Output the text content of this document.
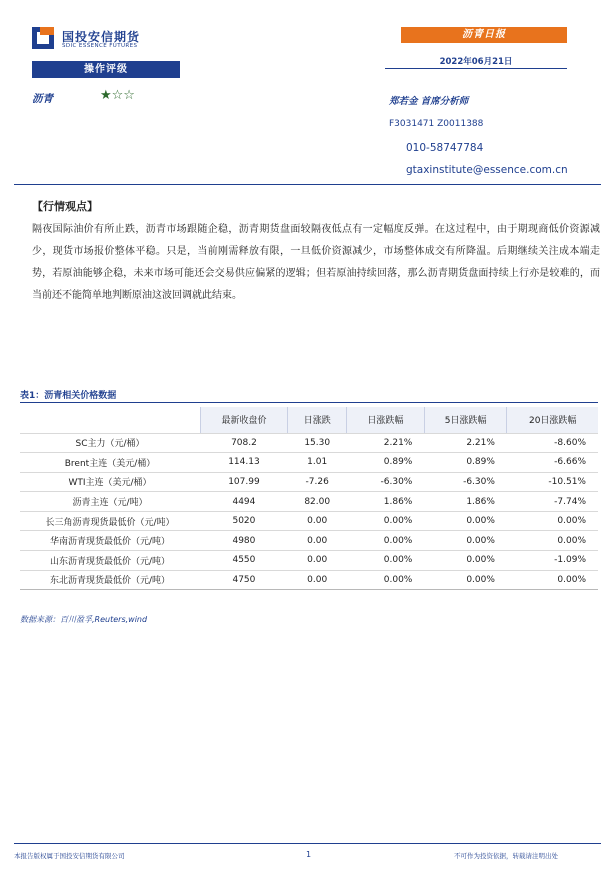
国投安信期货
SDIC ESSENCE FUTURES
操作评级
沥青	★☆☆
沥青日报
2022年06月21日
郑若金 首席分析师
F3031471 Z0011388
010-58747784
gtaxinstitute@essence.com.cn
【行情观点】
隔夜国际油价有所止跌，沥青市场跟随企稳，沥青期货盘面较隔夜低点有一定幅度反弹。在这过程中，由于期现商低价资源减少，现货市场报价整体平稳。只是，当前刚需释放有限，一旦低价资源减少，市场整体成交有所降温。后期继续关注成本端走势，若原油能够企稳，未来市场可能还会交易供应偏紧的逻辑；但若原油持续回落，那么沥青期货盘面持续上行亦是较难的，而当前还不能简单地判断原油这波回调就此结束。
表1：沥青相关价格数据
	最新收盘价	日涨跌	日涨跌幅	5日涨跌幅	20日涨跌幅
SC主力（元/桶）	708.2	15.30	2.21%	2.21%	-8.60%
Brent主连（美元/桶）	114.13	1.01	0.89%	0.89%	-6.66%
WTI主连（美元/桶）	107.99	-7.26	-6.30%	-6.30%	-10.51%
沥青主连（元/吨）	4494	82.00	1.86%	1.86%	-7.74%
长三角沥青现货最低价（元/吨）	5020	0.00	0.00%	0.00%	0.00%
华南沥青现货最低价（元/吨）	4980	0.00	0.00%	0.00%	0.00%
山东沥青现货最低价（元/吨）	4550	0.00	0.00%	0.00%	-1.09%
东北沥青现货最低价（元/吨）	4750	0.00	0.00%	0.00%	0.00%
数据来源：百川盈孚,Reuters,wind
本报告版权属于国投安信期货有限公司	1	不可作为投资依据，转载请注明出处
